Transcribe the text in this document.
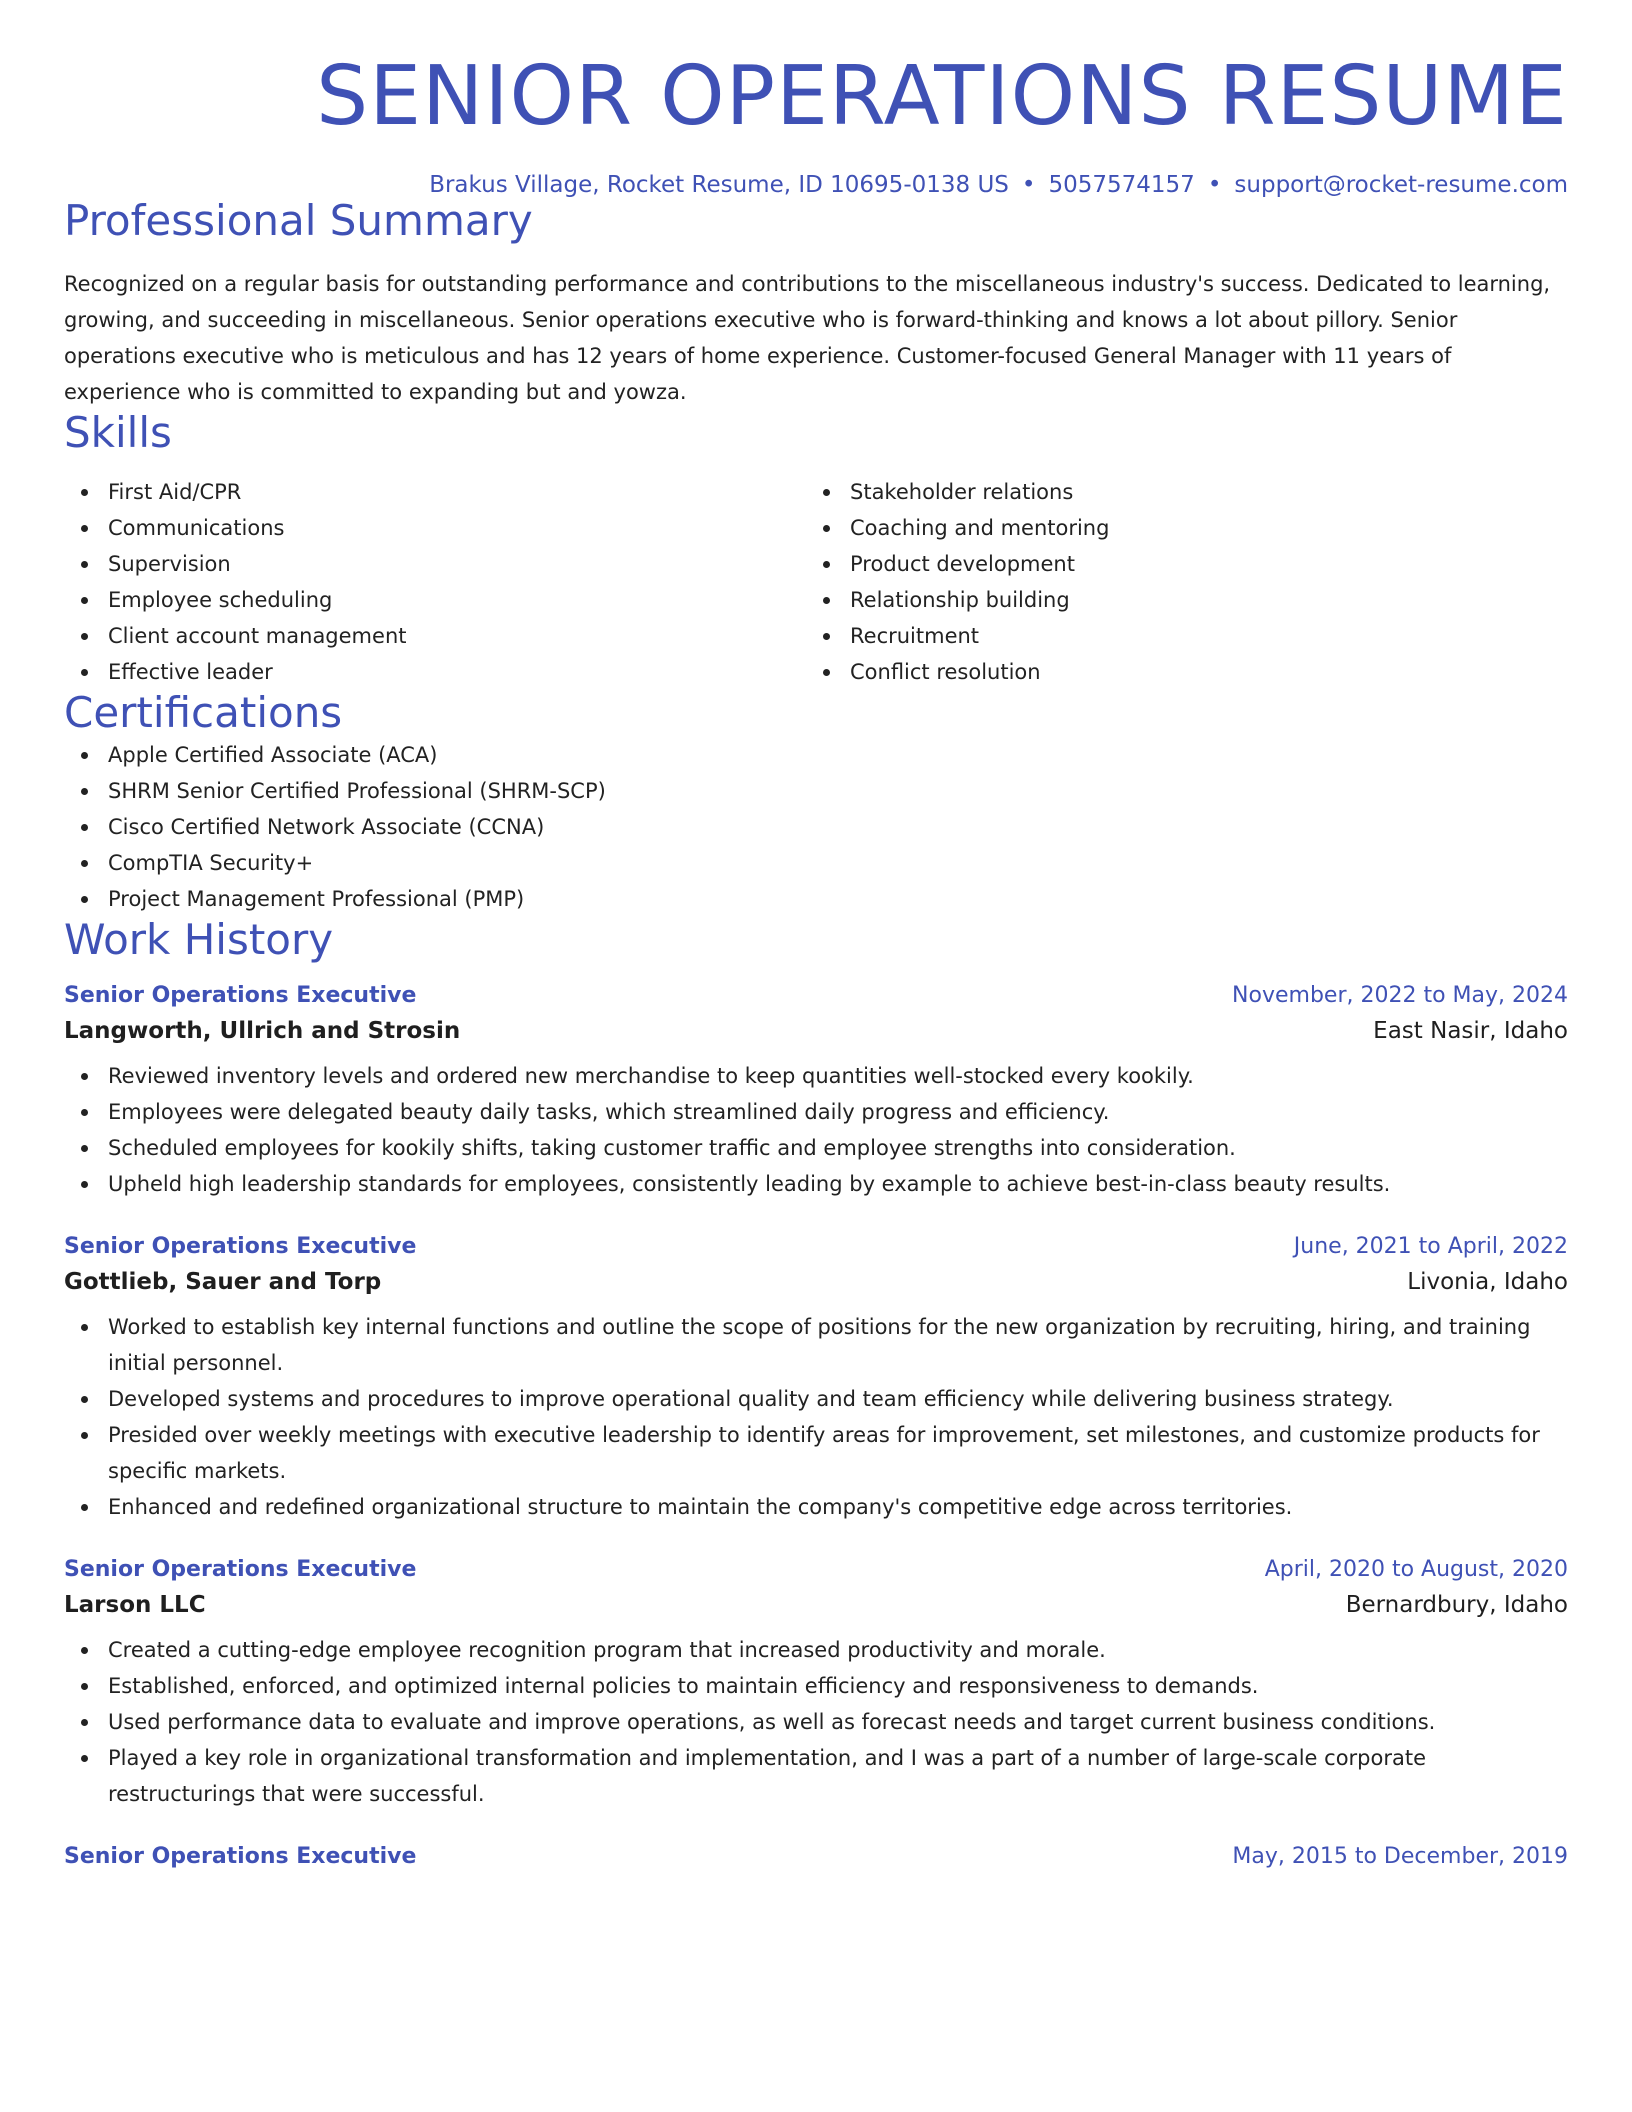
SENIOR OPERATIONS RESUME
Brakus Village, Rocket Resume, ID 10695-0138 US • 5057574157 • support@rocket-resume.com
Professional Summary

Recognized on a regular basis for outstanding performance and contributions to the miscellaneous industry's success. Dedicated to learning, growing, and succeeding in miscellaneous. Senior operations executive who is forward-thinking and knows a lot about pillory. Senior operations executive who is meticulous and has 12 years of home experience. Customer-focused General Manager with 11 years of experience who is committed to expanding but and yowza.

Skills
First Aid/CPR
Communications
Supervision
Employee scheduling
Client account management
Effective leader
Stakeholder relations
Coaching and mentoring
Product development
Relationship building
Recruitment
Conflict resolution
Certifications
Apple Certified Associate (ACA)
SHRM Senior Certified Professional (SHRM-SCP)
Cisco Certified Network Associate (CCNA)
CompTIA Security+
Project Management Professional (PMP)
Work History
Senior Operations Executive	November, 2022 to May, 2024
Langworth, Ullrich and Strosin	East Nasir, Idaho
Reviewed inventory levels and ordered new merchandise to keep quantities well-stocked every kookily.
Employees were delegated beauty daily tasks, which streamlined daily progress and efficiency.
Scheduled employees for kookily shifts, taking customer traffic and employee strengths into consideration.
Upheld high leadership standards for employees, consistently leading by example to achieve best-in-class beauty results.
Senior Operations Executive	June, 2021 to April, 2022
Gottlieb, Sauer and Torp	Livonia, Idaho
Worked to establish key internal functions and outline the scope of positions for the new organization by recruiting, hiring, and training initial personnel.
Developed systems and procedures to improve operational quality and team efficiency while delivering business strategy.
Presided over weekly meetings with executive leadership to identify areas for improvement, set milestones, and customize products for specific markets.
Enhanced and redefined organizational structure to maintain the company's competitive edge across territories.
Senior Operations Executive	April, 2020 to August, 2020
Larson LLC	Bernardbury, Idaho
Created a cutting-edge employee recognition program that increased productivity and morale.
Established, enforced, and optimized internal policies to maintain efficiency and responsiveness to demands.
Used performance data to evaluate and improve operations, as well as forecast needs and target current business conditions.
Played a key role in organizational transformation and implementation, and I was a part of a number of large-scale corporate restructurings that were successful.
Senior Operations Executive	May, 2015 to December, 2019
